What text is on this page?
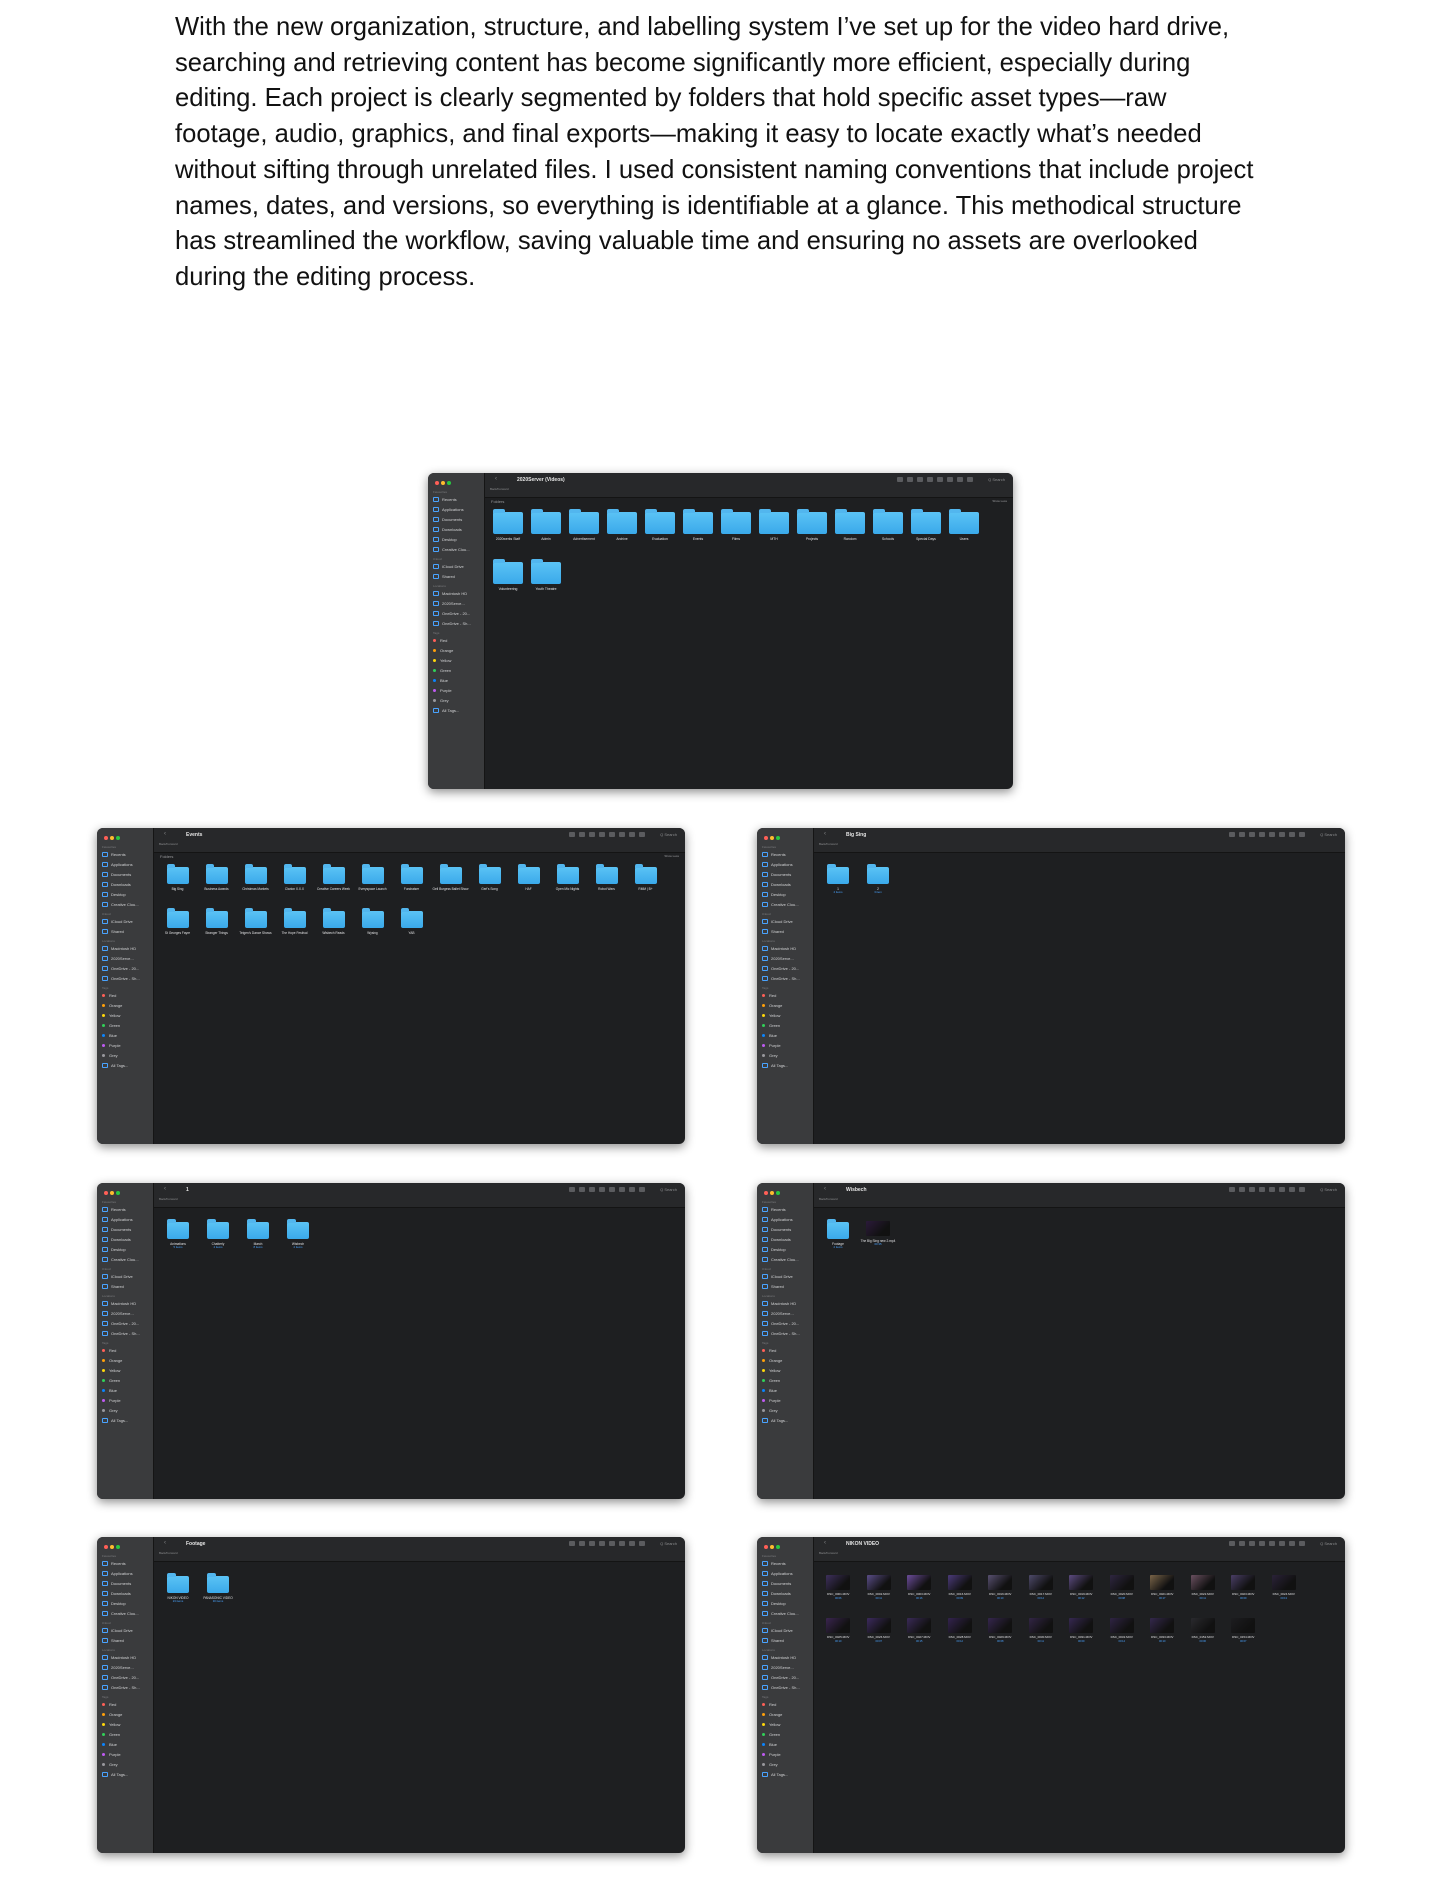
With the new organization, structure, and labelling system I’ve set up for the video hard drive, searching and retrieving content has become significantly more efficient, especially during editing. Each project is clearly segmented by folders that hold specific asset types—raw footage, audio, graphics, and final exports—making it easy to locate exactly what’s needed without sifting through unrelated files. I used consistent naming conventions that include project names, dates, and versions, so everything is identifiable at a glance. This methodical structure has streamlined the workflow, saving valuable time and ensuring no assets are overlooked during the editing process.

Favourites
Recents
Applications
Documents
Downloads
Desktop
Creative Clou...
iCloud
iCloud Drive
Shared
Locations
Macintosh HD
2020Serve...
OneDrive - 20...
OneDrive - Sh...
Tags
Red
Orange
Yellow
Green
Blue
Purple
Grey
All Tags...
‹	2020Server (Videos)
Back/Forward
Q Search
Folders	Show Less
2020werks Staff	Admin	Advertisement	Archive	Evaluation	Events	Films	MTH	Projects	Random	Schools	Special Days	Users
Volunteering	Youth Theatre
Favourites
Recents
Applications
Documents
Downloads
Desktop
Creative Clou...
iCloud
iCloud Drive
Shared
Locations
Macintosh HD
2020Serve...
OneDrive - 20...
OneDrive - Sh...
Tags
Red
Orange
Yellow
Green
Blue
Purple
Grey
All Tags...
‹	Events
Back/Forward
Q Search
Folders	Show Less
Big Sing	Business Awards	Christmas Markets	Clarion X.X.X	Creative Careers Week	Everyspace Launch	Fundraiser	Gell Burgess Ballet Show	Gerl's Song	HAF	Open Mic Nights	Robot Wars	RMM | B+
St Georges Fayre	Stranger Things	Teigen's Dance Shows	The Hope Festival	Wisbech Reads	Wysing	YAB
Favourites
Recents
Applications
Documents
Downloads
Desktop
Creative Clou...
iCloud
iCloud Drive
Shared
Locations
Macintosh HD
2020Serve...
OneDrive - 20...
OneDrive - Sh...
Tags
Red
Orange
Yellow
Green
Blue
Purple
Grey
All Tags...
‹	Big Sing
Back/Forward
Q Search
1
4 items
2
3 item
Favourites
Recents
Applications
Documents
Downloads
Desktop
Creative Clou...
iCloud
iCloud Drive
Shared
Locations
Macintosh HD
2020Serve...
OneDrive - 20...
OneDrive - Sh...
Tags
Red
Orange
Yellow
Green
Blue
Purple
Grey
All Tags...
‹	1
Back/Forward
Q Search
Animations
5 items
Chatterly
4 items
March
8 items
Wisbech
2 items
Favourites
Recents
Applications
Documents
Downloads
Desktop
Creative Clou...
iCloud
iCloud Drive
Shared
Locations
Macintosh HD
2020Serve...
OneDrive - 20...
OneDrive - Sh...
Tags
Red
Orange
Yellow
Green
Blue
Purple
Grey
All Tags...
‹	Wisbech
Back/Forward
Q Search
Footage
2 items
The Big Sing new 2.mp4
00:35
Favourites
Recents
Applications
Documents
Downloads
Desktop
Creative Clou...
iCloud
iCloud Drive
Shared
Locations
Macintosh HD
2020Serve...
OneDrive - 20...
OneDrive - Sh...
Tags
Red
Orange
Yellow
Green
Blue
Purple
Grey
All Tags...
‹	Footage
Back/Forward
Q Search
NIKON VIDEO
23 items
PANASONIC VIDEO
30 items
Favourites
Recents
Applications
Documents
Downloads
Desktop
Creative Clou...
iCloud
iCloud Drive
Shared
Locations
Macintosh HD
2020Serve...
OneDrive - 20...
OneDrive - Sh...
Tags
Red
Orange
Yellow
Green
Blue
Purple
Grey
All Tags...
‹	NIKON VIDEO
Back/Forward
Q Search
DSC_0001.MOV
00:06
DSC_0002.MOV
00:11
DSC_0003.MOV
00:16
DSC_0016.MOV
00:09
DSC_0016.MOV
00:10
DSC_0017.MOV
00:14
DSC_0019.MOV
00:12
DSC_0020.MOV
00:08
DSC_0021.MOV
00:17
DSC_0022.MOV
00:11
DSC_0023.MOV
00:09
DSC_0024.MOV
00:13
DSC_0025.MOV
00:10
DSC_0026.MOV
00:07
DSC_0027.MOV
00:15
DSC_0028.MOV
00:12
DSC_0029.MOV
00:08
DSC_0030.MOV
00:11
DSC_0031.MOV
00:09
DSC_0032.MOV
00:14
DSC_0033.MOV
00:10
DSC_0152.MOV
00:06
DSC_0154.MOV
00:07
